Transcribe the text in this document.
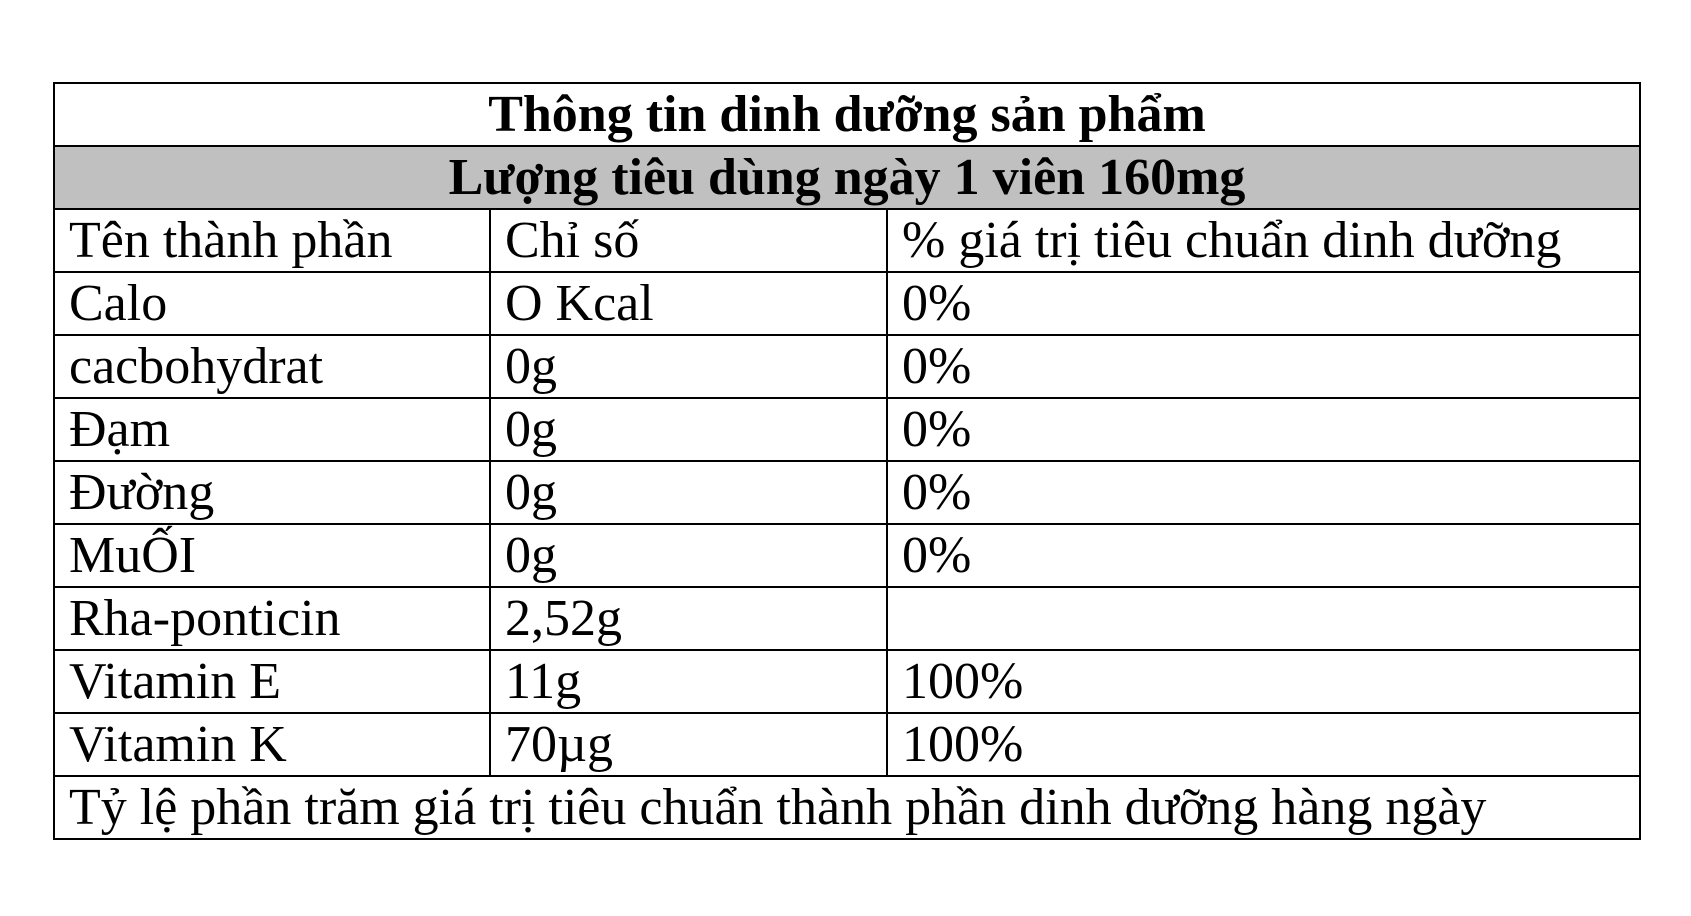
Thông tin dinh dưỡng sản phẩm		
Lượng tiêu dùng ngày 1 viên 160mg		
Tên thành phần	Chỉ số	% giá trị tiêu chuẩn dinh dưỡng
Calo	O Kcal	0%
cacbohydrat	0g	0%
Đạm	0g	0%
Đường	0g	0%
MuỐI	0g	0%
Rha-ponticin	2,52g	
Vitamin E	11g	100%
Vitamin K	70µg	100%
Tỷ lệ phần trăm giá trị tiêu chuẩn thành phần dinh dưỡng hàng ngày		
